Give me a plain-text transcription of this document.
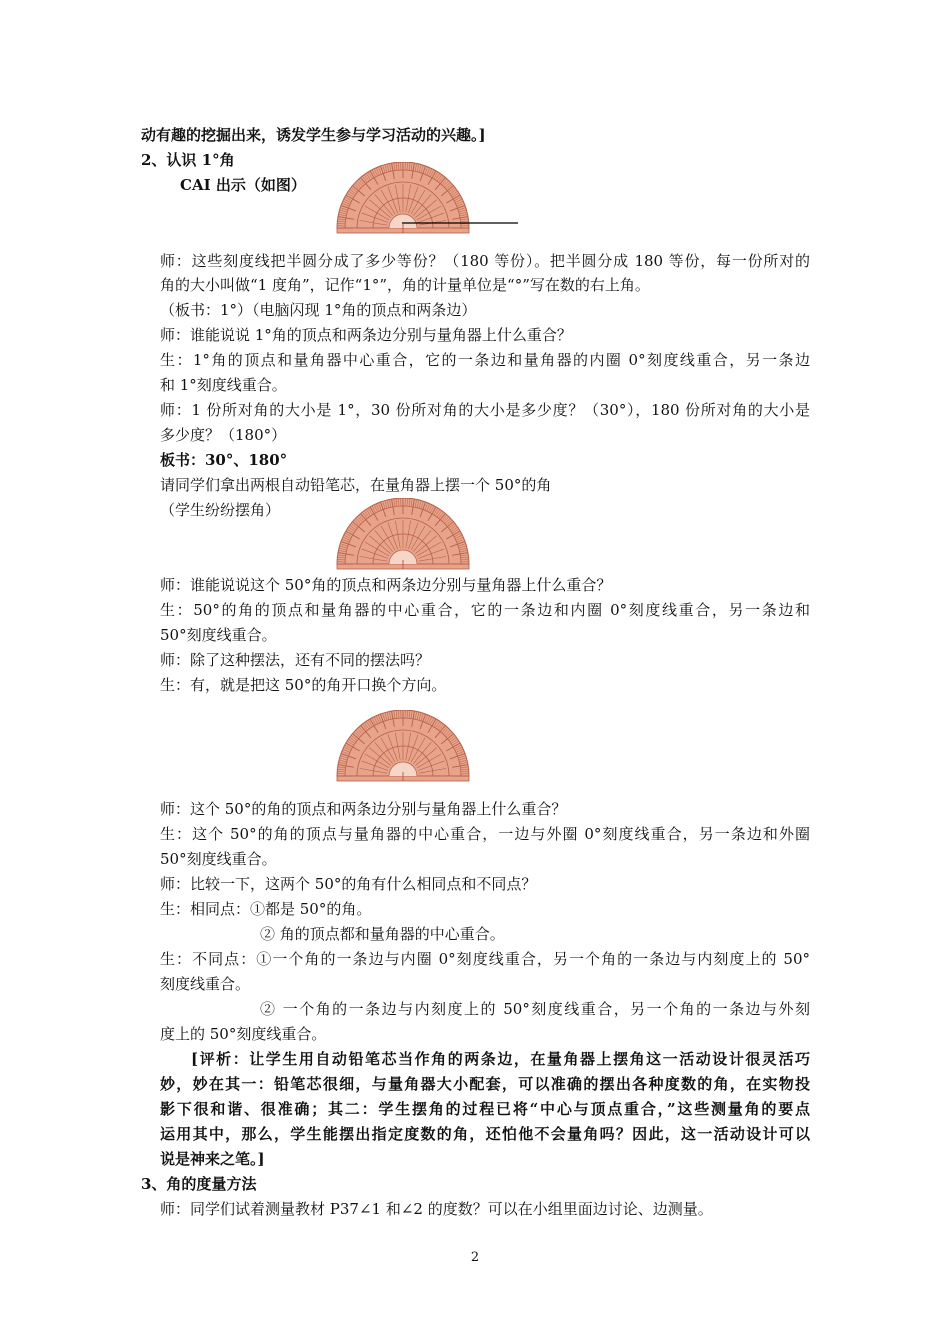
动有趣的挖掘出来，诱发学生参与学习活动的兴趣。]
2、认识 1°角
CAI 出示（如图）
师：这些刻度线把半圆分成了多少等份？（180 等份）。把半圆分成 180 等份，每一份所对的
角的大小叫做“1 度角”，记作“1°”，角的计量单位是“°”写在数的右上角。
（板书：1°）（电脑闪现 1°角的顶点和两条边）
师：谁能说说 1°角的顶点和两条边分别与量角器上什么重合？
生：1°角的顶点和量角器中心重合，它的一条边和量角器的内圈 0°刻度线重合，另一条边
和 1°刻度线重合。
师：1 份所对角的大小是 1°，30 份所对角的大小是多少度？（30°），180 份所对角的大小是
多少度？（180°）
板书：30°、180°
请同学们拿出两根自动铅笔芯，在量角器上摆一个 50°的角
（学生纷纷摆角）
师：谁能说说这个 50°角的顶点和两条边分别与量角器上什么重合？
生：50°的角的顶点和量角器的中心重合，它的一条边和内圈 0°刻度线重合，另一条边和
50°刻度线重合。
师：除了这种摆法，还有不同的摆法吗？
生：有，就是把这 50°的角开口换个方向。
师：这个 50°的角的顶点和两条边分别与量角器上什么重合？
生：这个 50°的角的顶点与量角器的中心重合，一边与外圈 0°刻度线重合，另一条边和外圈
50°刻度线重合。
师：比较一下，这两个 50°的角有什么相同点和不同点？
生：相同点：①都是 50°的角。
② 角的顶点都和量角器的中心重合。
生：不同点：①一个角的一条边与内圈 0°刻度线重合，另一个角的一条边与内刻度上的 50°
刻度线重合。
② 一个角的一条边与内刻度上的 50°刻度线重合，另一个角的一条边与外刻
度上的 50°刻度线重合。
[评析：让学生用自动铅笔芯当作角的两条边，在量角器上摆角这一活动设计很灵活巧
妙，妙在其一：铅笔芯很细，与量角器大小配套，可以准确的摆出各种度数的角，在实物投
影下很和谐、很准确；其二：学生摆角的过程已将“中心与顶点重合，”这些测量角的要点
运用其中，那么，学生能摆出指定度数的角，还怕他不会量角吗？因此，这一活动设计可以
说是神来之笔。]
3、角的度量方法
师：同学们试着测量教材 P37∠1 和∠2 的度数？可以在小组里面边讨论、边测量。
2
